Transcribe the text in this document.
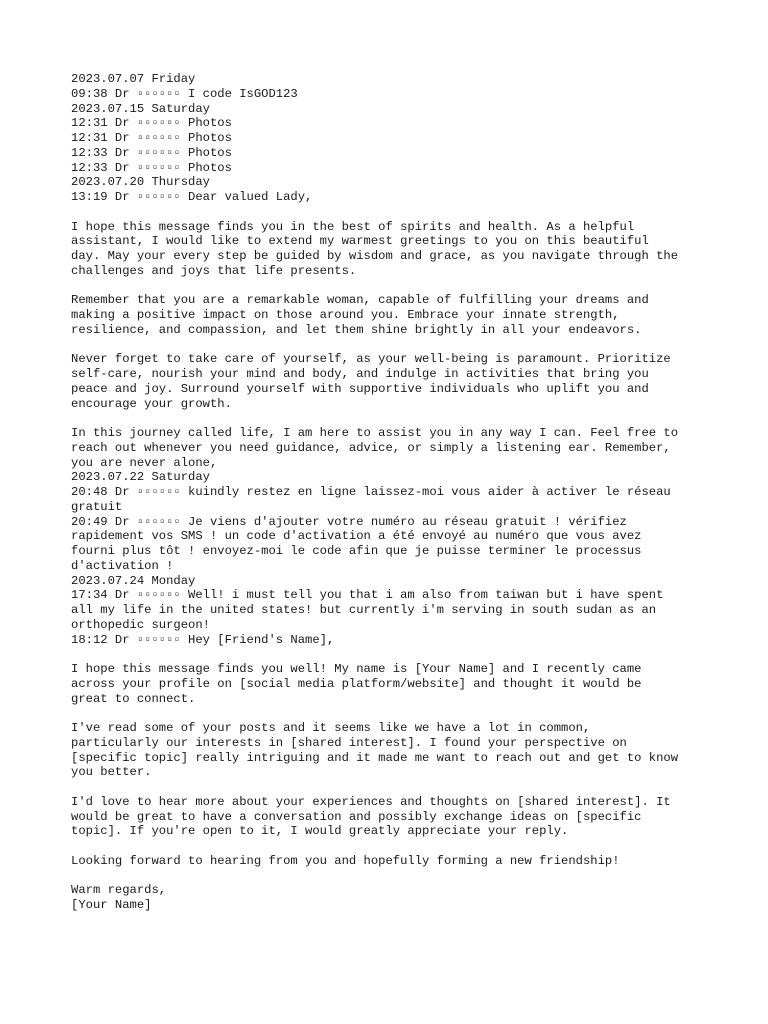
2023.07.07 Friday
09:38 Dr ▫▫▫▫▫▫ I code IsGOD123
2023.07.15 Saturday
12:31 Dr ▫▫▫▫▫▫ Photos
12:31 Dr ▫▫▫▫▫▫ Photos
12:33 Dr ▫▫▫▫▫▫ Photos
12:33 Dr ▫▫▫▫▫▫ Photos
2023.07.20 Thursday
13:19 Dr ▫▫▫▫▫▫ Dear valued Lady,
I hope this message finds you in the best of spirits and health. As a helpful
assistant, I would like to extend my warmest greetings to you on this beautiful
day. May your every step be guided by wisdom and grace, as you navigate through the
challenges and joys that life presents.
Remember that you are a remarkable woman, capable of fulfilling your dreams and
making a positive impact on those around you. Embrace your innate strength,
resilience, and compassion, and let them shine brightly in all your endeavors.
Never forget to take care of yourself, as your well-being is paramount. Prioritize
self-care, nourish your mind and body, and indulge in activities that bring you
peace and joy. Surround yourself with supportive individuals who uplift you and
encourage your growth.
In this journey called life, I am here to assist you in any way I can. Feel free to
reach out whenever you need guidance, advice, or simply a listening ear. Remember,
you are never alone,
2023.07.22 Saturday
20:48 Dr ▫▫▫▫▫▫ kuindly restez en ligne laissez-moi vous aider à activer le réseau
gratuit
20:49 Dr ▫▫▫▫▫▫ Je viens d'ajouter votre numéro au réseau gratuit ! vérifiez
rapidement vos SMS ! un code d'activation a été envoyé au numéro que vous avez
fourni plus tôt ! envoyez-moi le code afin que je puisse terminer le processus
d'activation !
2023.07.24 Monday
17:34 Dr ▫▫▫▫▫▫ Well! i must tell you that i am also from taiwan but i have spent
all my life in the united states! but currently i'm serving in south sudan as an
orthopedic surgeon!
18:12 Dr ▫▫▫▫▫▫ Hey [Friend's Name],
I hope this message finds you well! My name is [Your Name] and I recently came
across your profile on [social media platform/website] and thought it would be
great to connect.
I've read some of your posts and it seems like we have a lot in common,
particularly our interests in [shared interest]. I found your perspective on
[specific topic] really intriguing and it made me want to reach out and get to know
you better.
I'd love to hear more about your experiences and thoughts on [shared interest]. It
would be great to have a conversation and possibly exchange ideas on [specific
topic]. If you're open to it, I would greatly appreciate your reply.
Looking forward to hearing from you and hopefully forming a new friendship!
Warm regards,
[Your Name]
